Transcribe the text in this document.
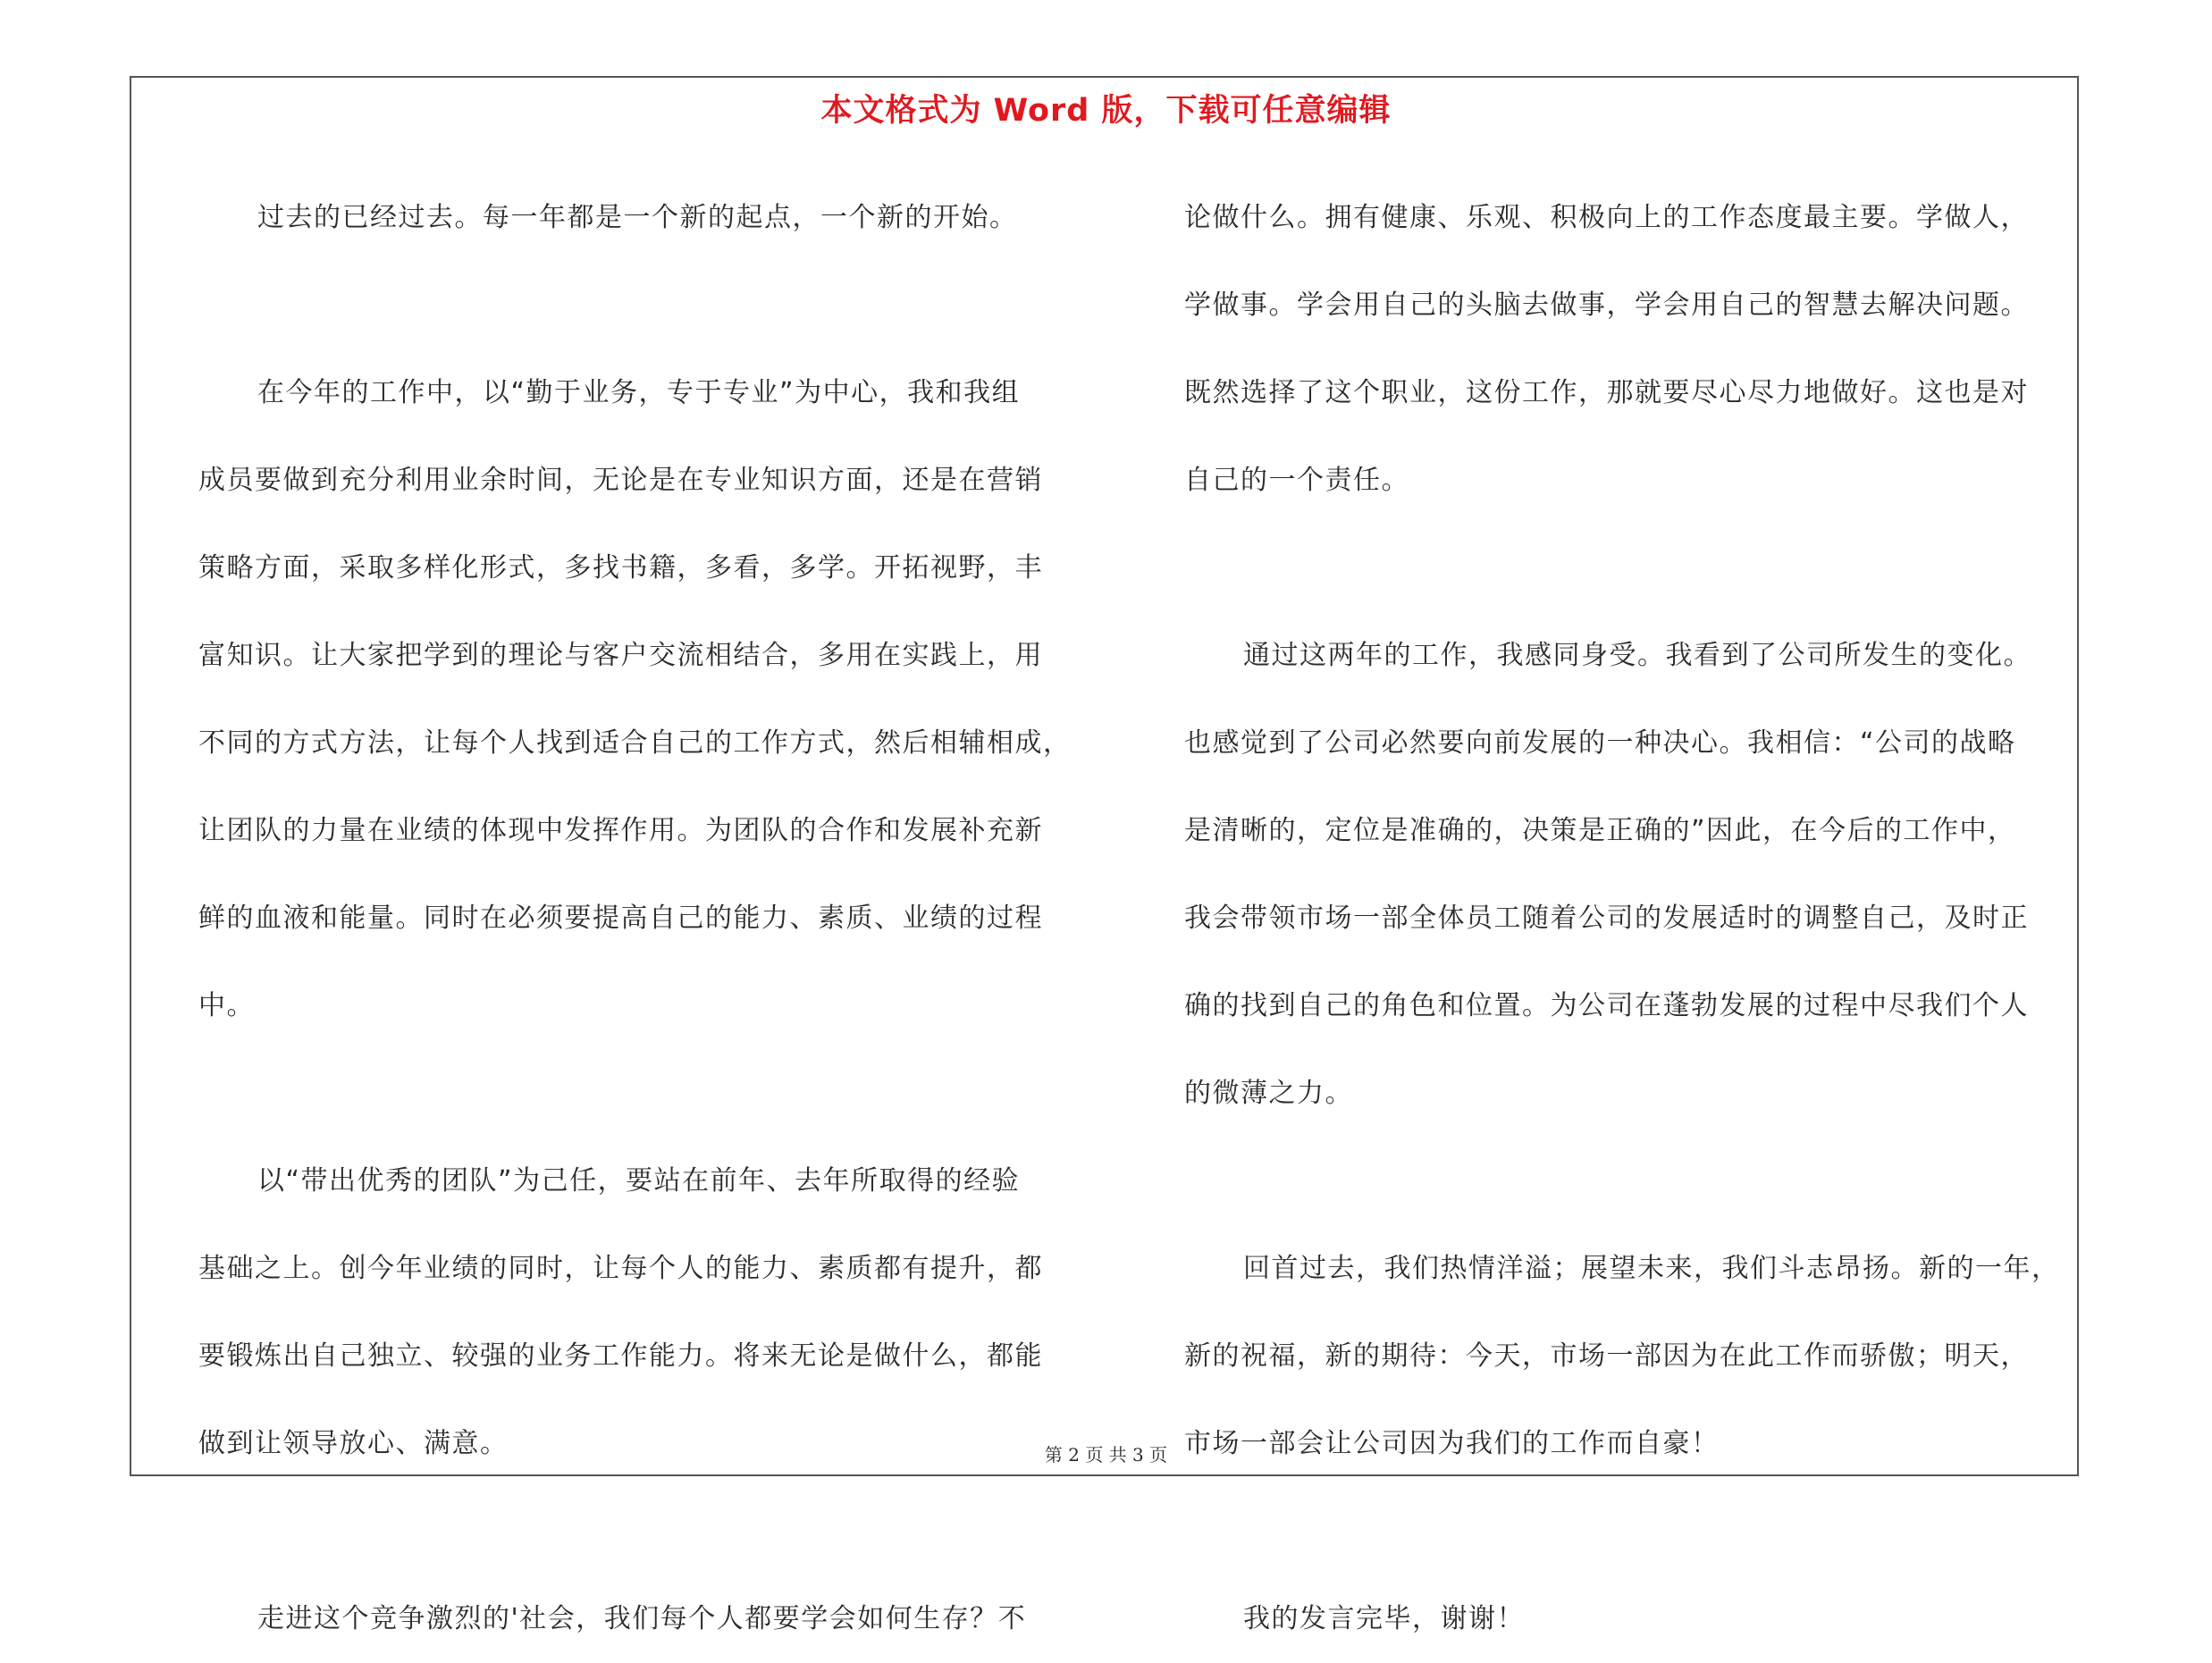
本文格式为 Word 版，下载可任意编辑
过去的已经过去。每一年都是一个新的起点，一个新的开始。
在今年的工作中，以“勤于业务，专于专业”为中心，我和我组
成员要做到充分利用业余时间，无论是在专业知识方面，还是在营销
策略方面，采取多样化形式，多找书籍，多看，多学。开拓视野，丰
富知识。让大家把学到的理论与客户交流相结合，多用在实践上，用
不同的方式方法，让每个人找到适合自己的工作方式，然后相辅相成，
让团队的力量在业绩的体现中发挥作用。为团队的合作和发展补充新
鲜的血液和能量。同时在必须要提高自己的能力、素质、业绩的过程
中。
以“带出优秀的团队”为己任，要站在前年、去年所取得的经验
基础之上。创今年业绩的同时，让每个人的能力、素质都有提升，都
要锻炼出自己独立、较强的业务工作能力。将来无论是做什么，都能
做到让领导放心、满意。
走进这个竞争激烈的'社会，我们每个人都要学会如何生存？不
论做什么。拥有健康、乐观、积极向上的工作态度最主要。学做人，
学做事。学会用自己的头脑去做事，学会用自己的智慧去解决问题。
既然选择了这个职业，这份工作，那就要尽心尽力地做好。这也是对
自己的一个责任。
通过这两年的工作，我感同身受。我看到了公司所发生的变化。
也感觉到了公司必然要向前发展的一种决心。我相信：“公司的战略
是清晰的，定位是准确的，决策是正确的”因此，在今后的工作中，
我会带领市场一部全体员工随着公司的发展适时的调整自己，及时正
确的找到自己的角色和位置。为公司在蓬勃发展的过程中尽我们个人
的微薄之力。
回首过去，我们热情洋溢；展望未来，我们斗志昂扬。新的一年，
新的祝福，新的期待：今天，市场一部因为在此工作而骄傲；明天，
市场一部会让公司因为我们的工作而自豪！
我的发言完毕，谢谢！
第 2 页 共 3 页
